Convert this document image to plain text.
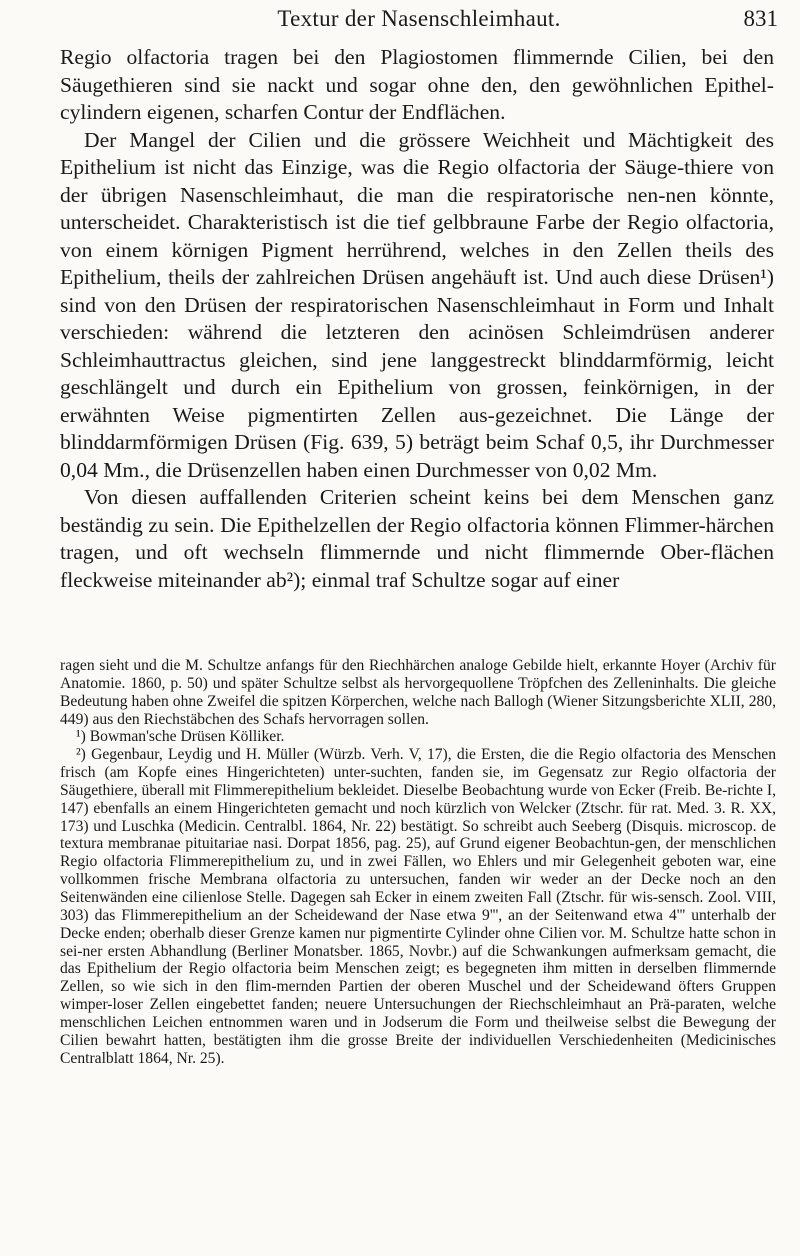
Textur der Nasenschleimhaut.	831

Regio olfactoria tragen bei den Plagiostomen flimmernde Cilien, bei den Säugethieren sind sie nackt und sogar ohne den, den gewöhnlichen Epithel-cylindern eigenen, scharfen Contur der Endflächen.

Der Mangel der Cilien und die grössere Weichheit und Mächtigkeit des Epithelium ist nicht das Einzige, was die Regio olfactoria der Säuge-thiere von der übrigen Nasenschleimhaut, die man die respiratorische nen-nen könnte, unterscheidet. Charakteristisch ist die tief gelbbraune Farbe der Regio olfactoria, von einem körnigen Pigment herrührend, welches in den Zellen theils des Epithelium, theils der zahlreichen Drüsen angehäuft ist. Und auch diese Drüsen¹) sind von den Drüsen der respiratorischen Nasenschleimhaut in Form und Inhalt verschieden: während die letzteren den acinösen Schleimdrüsen anderer Schleimhauttractus gleichen, sind jene langgestreckt blinddarmförmig, leicht geschlängelt und durch ein Epithelium von grossen, feinkörnigen, in der erwähnten Weise pigmentirten Zellen aus-gezeichnet. Die Länge der blinddarmförmigen Drüsen (Fig. 639, 5) beträgt beim Schaf 0,5, ihr Durchmesser 0,04 Mm., die Drüsenzellen haben einen Durchmesser von 0,02 Mm.

Von diesen auffallenden Criterien scheint keins bei dem Menschen ganz beständig zu sein. Die Epithelzellen der Regio olfactoria können Flimmer-härchen tragen, und oft wechseln flimmernde und nicht flimmernde Ober-flächen fleckweise miteinander ab²); einmal traf Schultze sogar auf einer

ragen sieht und die M. Schultze anfangs für den Riechhärchen analoge Gebilde hielt, erkannte Hoyer (Archiv für Anatomie. 1860, p. 50) und später Schultze selbst als hervorgequollene Tröpfchen des Zelleninhalts. Die gleiche Bedeutung haben ohne Zweifel die spitzen Körperchen, welche nach Ballogh (Wiener Sitzungsberichte XLII, 280, 449) aus den Riechstäbchen des Schafs hervorragen sollen.

¹) Bowman'sche Drüsen Kölliker.

²) Gegenbaur, Leydig und H. Müller (Würzb. Verh. V, 17), die Ersten, die die Regio olfactoria des Menschen frisch (am Kopfe eines Hingerichteten) unter-suchten, fanden sie, im Gegensatz zur Regio olfactoria der Säugethiere, überall mit Flimmerepithelium bekleidet. Dieselbe Beobachtung wurde von Ecker (Freib. Be-richte I, 147) ebenfalls an einem Hingerichteten gemacht und noch kürzlich von Welcker (Ztschr. für rat. Med. 3. R. XX, 173) und Luschka (Medicin. Centralbl. 1864, Nr. 22) bestätigt. So schreibt auch Seeberg (Disquis. microscop. de textura membranae pituitariae nasi. Dorpat 1856, pag. 25), auf Grund eigener Beobachtun-gen, der menschlichen Regio olfactoria Flimmerepithelium zu, und in zwei Fällen, wo Ehlers und mir Gelegenheit geboten war, eine vollkommen frische Membrana olfactoria zu untersuchen, fanden wir weder an der Decke noch an den Seitenwänden eine cilienlose Stelle. Dagegen sah Ecker in einem zweiten Fall (Ztschr. für wis-sensch. Zool. VIII, 303) das Flimmerepithelium an der Scheidewand der Nase etwa 9''', an der Seitenwand etwa 4''' unterhalb der Decke enden; oberhalb dieser Grenze kamen nur pigmentirte Cylinder ohne Cilien vor. M. Schultze hatte schon in sei-ner ersten Abhandlung (Berliner Monatsber. 1865, Novbr.) auf die Schwankungen aufmerksam gemacht, die das Epithelium der Regio olfactoria beim Menschen zeigt; es begegneten ihm mitten in derselben flimmernde Zellen, so wie sich in den flim-mernden Partien der oberen Muschel und der Scheidewand öfters Gruppen wimper-loser Zellen eingebettet fanden; neuere Untersuchungen der Riechschleimhaut an Prä-paraten, welche menschlichen Leichen entnommen waren und in Jodserum die Form und theilweise selbst die Bewegung der Cilien bewahrt hatten, bestätigten ihm die grosse Breite der individuellen Verschiedenheiten (Medicinisches Centralblatt 1864, Nr. 25).
